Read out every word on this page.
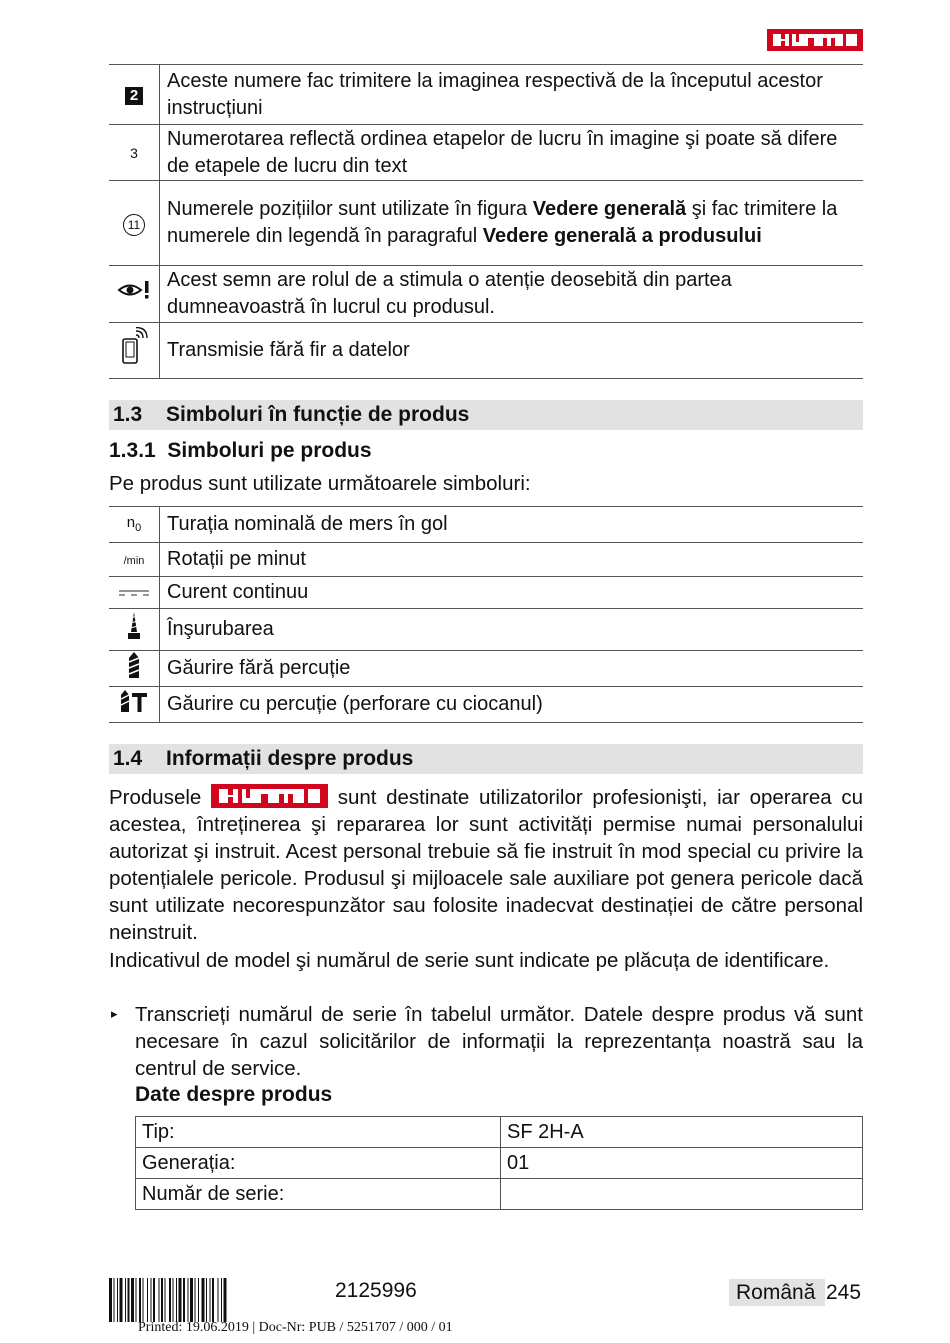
2	Aceste numere fac trimitere la imaginea respectivă de la începutul acestor instrucțiuni
3	Numerotarea reflectă ordinea etapelor de lucru în imagine şi poate să difere de etapele de lucru din text
11	Numerele pozițiilor sunt utilizate în figura Vedere generală şi fac trimitere la numerele din legendă în paragraful Vedere generală a produsului
	Acest semn are rolul de a stimula o atenție deosebită din partea dumneavoastră în lucrul cu produsul.
	Transmisie fără fir a datelor
1.3 Simboluri în funcție de produs
1.3.1 Simboluri pe produs
Pe produs sunt utilizate următoarele simboluri:
$n_0$	Turația nominală de mers în gol
/min	Rotații pe minut
	Curent continuu
	Înşurubarea
	Găurire fără percuție
	Găurire cu percuție (perforare cu ciocanul)
1.4 Informații despre produs
Produsele	sunt destinate utilizatorilor profesionişti, iar operarea cu acestea, întreținerea şi repararea lor sunt activități permise numai personalului autorizat şi instruit. Acest personal trebuie să fie instruit în mod special cu privire la potențialele pericole. Produsul şi mijloacele sale auxiliare pot genera pericole dacă sunt utilizate necorespunzător sau folosite inadecvat destinației de către personal neinstruit.
Indicativul de model şi numărul de serie sunt indicate pe plăcuța de identificare.
▸ Transcrieți numărul de serie în tabelul următor. Datele despre produs vă sunt necesare în cazul solicitărilor de informații la reprezentanța noastră sau la centrul de service.
Date despre produs
Tip:	SF 2H-A
Generația:	01
Număr de serie:	
2125996	Română 245
Printed: 19.06.2019 | Doc-Nr: PUB / 5251707 / 000 / 01
